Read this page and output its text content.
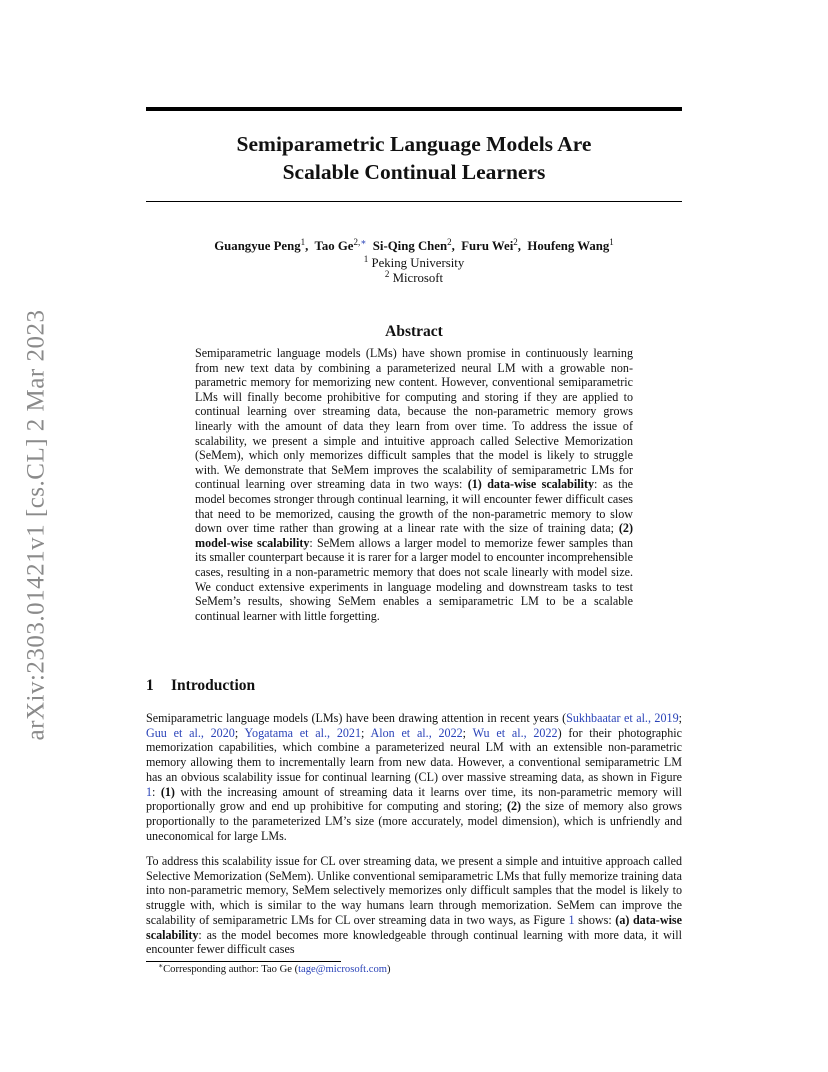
arXiv:2303.01421v1 [cs.CL] 2 Mar 2023
Semiparametric Language Models Are
Scalable Continual Learners
Guangyue Peng$^1$,  Tao $Ge^{2,∗}$ Si-Qing Chen$^2$,  Furu Wei$^2$,  Houfeng Wang$^1$
$^1$ Peking University
$^2$ Microsoft
Abstract

Semiparametric language models (LMs) have shown promise in continuously learning from new text data by combining a parameterized neural LM with a growable non-parametric memory for memorizing new content. However, conventional semiparametric LMs will finally become prohibitive for computing and storing if they are applied to continual learning over streaming data, because the non-parametric memory grows linearly with the amount of data they learn from over time. To address the issue of scalability, we present a simple and intuitive approach called Selective Memorization (SeMem), which only memorizes difficult samples that the model is likely to struggle with. We demonstrate that SeMem improves the scalability of semiparametric LMs for continual learning over streaming data in two ways: (1) data-wise scalability: as the model becomes stronger through continual learning, it will encounter fewer difficult cases that need to be memorized, causing the growth of the non-parametric memory to slow down over time rather than growing at a linear rate with the size of training data; (2) model-wise scalability: SeMem allows a larger model to memorize fewer samples than its smaller counterpart because it is rarer for a larger model to encounter incomprehensible cases, resulting in a non-parametric memory that does not scale linearly with model size. We conduct extensive experiments in language modeling and downstream tasks to test SeMem’s results, showing SeMem enables a semiparametric LM to be a scalable continual learner with little forgetting.

1 Introduction

Semiparametric language models (LMs) have been drawing attention in recent years (Sukhbaatar et al., 2019; Guu et al., 2020; Yogatama et al., 2021; Alon et al., 2022; Wu et al., 2022) for their photographic memorization capabilities, which combine a parameterized neural LM with an extensible non-parametric memory allowing them to incrementally learn from new data. However, a conventional semiparametric LM has an obvious scalability issue for continual learning (CL) over massive streaming data, as shown in Figure 1: (1) with the increasing amount of streaming data it learns over time, its non-parametric memory will proportionally grow and end up prohibitive for computing and storing; (2) the size of memory also grows proportionally to the parameterized LM’s size (more accurately, model dimension), which is unfriendly and uneconomical for large LMs.

To address this scalability issue for CL over streaming data, we present a simple and intuitive approach called Selective Memorization (SeMem). Unlike conventional semiparametric LMs that fully memorize training data into non-parametric memory, SeMem selectively memorizes only difficult samples that the model is likely to struggle with, which is similar to the way humans learn through memorization. SeMem can improve the scalability of semiparametric LMs for CL over streaming data in two ways, as Figure 1 shows: (a) data-wise scalability: as the model becomes more knowledgeable through continual learning with more data, it will encounter fewer difficult cases

∗Corresponding author: Tao Ge (tage@microsoft.com)
